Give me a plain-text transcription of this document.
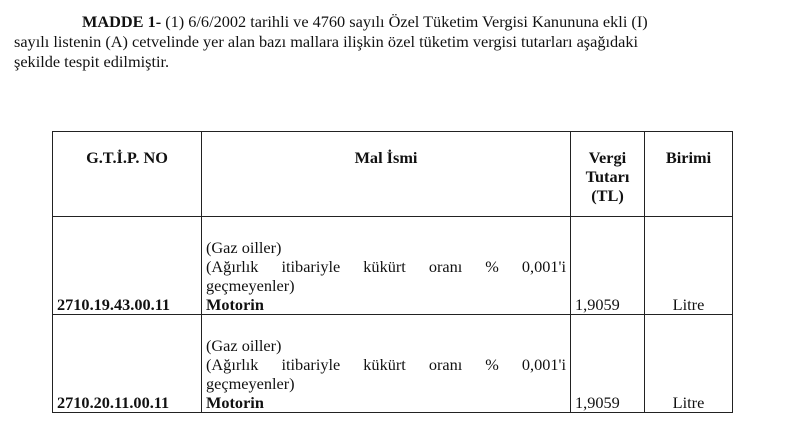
MADDE 1- (1) 6/6/2002 tarihli ve 4760 sayılı Özel Tüketim Vergisi Kanununa ekli (I)
sayılı listenin (A) cetvelinde yer alan bazı mallara ilişkin özel tüketim vergisi tutarları aşağıdaki
şekilde tespit edilmiştir.
G.T.İ.P. NO	Mal İsmi	Vergi
Tutarı
(TL)	Birimi
2710.19.43.00.11	(Gaz oiller)
(Ağırlık itibariyle kükürt oranı % 0,001'i
geçmeyenler)
Motorin	1,9059	Litre
2710.20.11.00.11	(Gaz oiller)
(Ağırlık itibariyle kükürt oranı % 0,001'i
geçmeyenler)
Motorin	1,9059	Litre
